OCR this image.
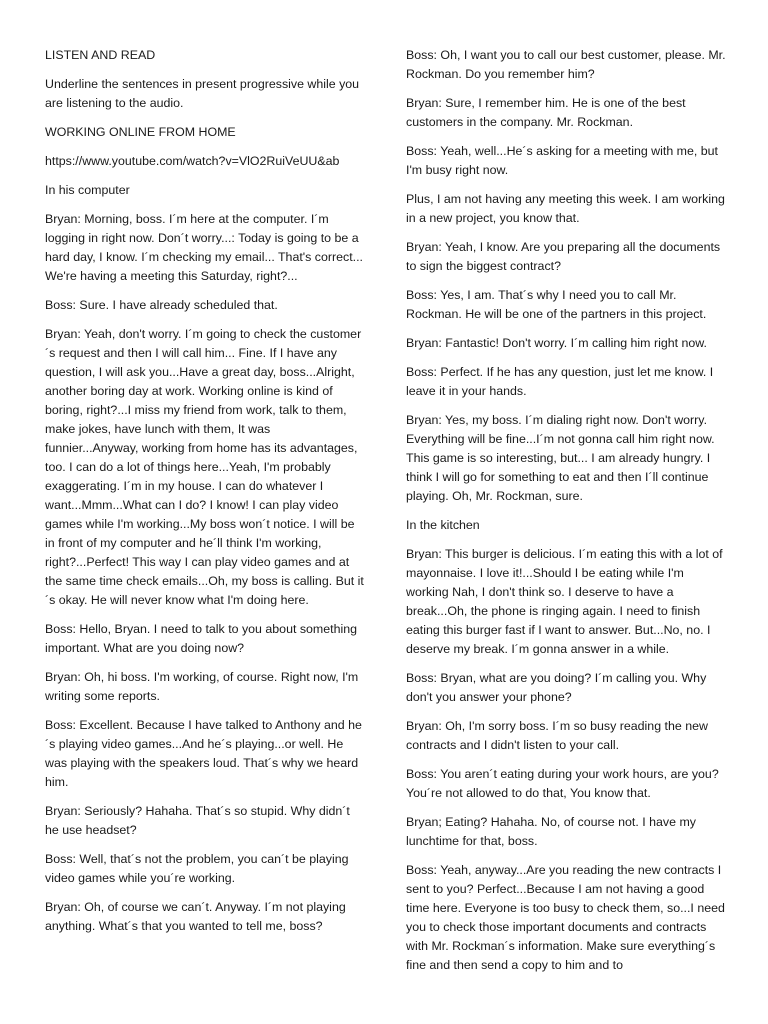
LISTEN AND READ

Underline the sentences in present progressive while you are listening to the audio.

WORKING ONLINE FROM HOME

https://www.youtube.com/watch?v=VlO2RuiVeUU&ab

In his computer

Bryan: Morning, boss. I´m here at the computer. I´m logging in right now. Don´t worry...: Today is going to be a hard day, I know. I´m checking my email... That's correct... We're having a meeting this Saturday, right?...

Boss: Sure. I have already scheduled that.

Bryan: Yeah, don't worry. I´m going to check the customer´s request and then I will call him... Fine. If I have any question, I will ask you...Have a great day, boss...Alright, another boring day at work. Working online is kind of boring, right?...I miss my friend from work, talk to them, make jokes, have lunch with them, It was funnier...Anyway, working from home has its advantages, too. I can do a lot of things here...Yeah, I'm probably exaggerating. I´m in my house. I can do whatever I want...Mmm...What can I do? I know! I can play video games while I'm working...My boss won´t notice. I will be in front of my computer and he´ll think I'm working, right?...Perfect! This way I can play video games and at the same time check emails...Oh, my boss is calling. But it´s okay. He will never know what I'm doing here.

Boss: Hello, Bryan. I need to talk to you about something important. What are you doing now?

Bryan: Oh, hi boss. I'm working, of course. Right now, I'm writing some reports.

Boss: Excellent. Because I have talked to Anthony and he´s playing video games...And he´s playing...or well. He was playing with the speakers loud. That´s why we heard him.

Bryan: Seriously? Hahaha. That´s so stupid. Why didn´t he use headset?

Boss: Well, that´s not the problem, you can´t be playing video games while you´re working.

Bryan: Oh, of course we can´t. Anyway. I´m not playing anything. What´s that you wanted to tell me, boss?

Boss: Oh, I want you to call our best customer, please. Mr. Rockman. Do you remember him?

Bryan: Sure, I remember him. He is one of the best customers in the company. Mr. Rockman.

Boss: Yeah, well...He´s asking for a meeting with me, but I'm busy right now.

Plus, I am not having any meeting this week. I am working in a new project, you know that.

Bryan: Yeah, I know. Are you preparing all the documents to sign the biggest contract?

Boss: Yes, I am. That´s why I need you to call Mr. Rockman. He will be one of the partners in this project.

Bryan: Fantastic! Don't worry. I´m calling him right now.

Boss: Perfect. If he has any question, just let me know. I leave it in your hands.

Bryan: Yes, my boss. I´m dialing right now. Don't worry. Everything will be fine...I´m not gonna call him right now. This game is so interesting, but... I am already hungry. I think I will go for something to eat and then I´ll continue playing. Oh, Mr. Rockman, sure.

In the kitchen

Bryan: This burger is delicious. I´m eating this with a lot of mayonnaise. I love it!...Should I be eating while I'm working Nah, I don't think so. I deserve to have a break...Oh, the phone is ringing again. I need to finish eating this burger fast if I want to answer. But...No, no. I deserve my break. I´m gonna answer in a while.

Boss: Bryan, what are you doing? I´m calling you. Why don't you answer your phone?

Bryan: Oh, I'm sorry boss. I´m so busy reading the new contracts and I didn't listen to your call.

Boss: You aren´t eating during your work hours, are you? You´re not allowed to do that, You know that.

Bryan; Eating? Hahaha. No, of course not. I have my lunchtime for that, boss.

Boss: Yeah, anyway...Are you reading the new contracts I sent to you? Perfect...Because I am not having a good time here. Everyone is too busy to check them, so...I need you to check those important documents and contracts with Mr. Rockman´s information. Make sure everything´s fine and then send a copy to him and to
